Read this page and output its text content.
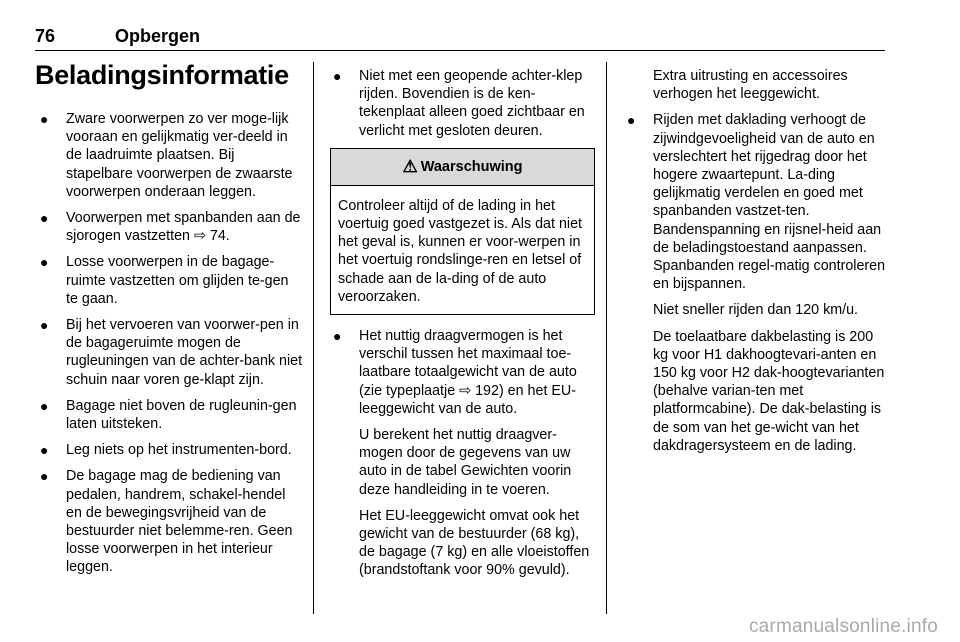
76	Opbergen
Beladingsinformatie
● Zware voorwerpen zo ver moge-lijk vooraan en gelijkmatig ver-deeld in de laadruimte plaatsen. Bij stapelbare voorwerpen de zwaarste voorwerpen onderaan leggen.
● Voorwerpen met spanbanden aan de sjorogen vastzetten ⇨ 74.
● Losse voorwerpen in de bagage-ruimte vastzetten om glijden te-gen te gaan.
● Bij het vervoeren van voorwer-pen in de bagageruimte mogen de rugleuningen van de achter-bank niet schuin naar voren ge-klapt zijn.
● Bagage niet boven de rugleunin-gen laten uitsteken.
● Leg niets op het instrumenten-bord.
● De bagage mag de bediening van pedalen, handrem, schakel-hendel en de bewegingsvrijheid van de bestuurder niet belemme-ren. Geen losse voorwerpen in het interieur leggen.
● Niet met een geopende achter-klep rijden. Bovendien is de ken-tekenplaat alleen goed zichtbaar en verlicht met gesloten deuren.
⚠ Waarschuwing
Controleer altijd of de lading in het voertuig goed vastgezet is. Als dat niet het geval is, kunnen er voor-werpen in het voertuig rondslinge-ren en letsel of schade aan de la-ding of de auto veroorzaken.
● Het nuttig draagvermogen is het verschil tussen het maximaal toe-laatbare totaalgewicht van de auto (zie typeplaatje ⇨ 192) en het EU-leeggewicht van de auto.

U berekent het nuttig draagver-mogen door de gegevens van uw auto in de tabel Gewichten voorin deze handleiding in te voeren.

Het EU-leeggewicht omvat ook het gewicht van de bestuurder (68 kg), de bagage (7 kg) en alle vloeistoffen (brandstoftank voor 90% gevuld).

Extra uitrusting en accessoires verhogen het leeggewicht.

● Rijden met daklading verhoogt de zijwindgevoeligheid van de auto en verslechtert het rijgedrag door het hogere zwaartepunt. La-ding gelijkmatig verdelen en goed met spanbanden vastzet-ten. Bandenspanning en rijsnel-heid aan de beladingstoestand aanpassen. Spanbanden regel-matig controleren en bijspannen.

Niet sneller rijden dan 120 km/u.

De toelaatbare dakbelasting is 200 kg voor H1 dakhoogtevari-anten en 150 kg voor H2 dak-hoogtevarianten (behalve varian-ten met platformcabine). De dak-belasting is de som van het ge-wicht van het dakdragersysteem en de lading.

carmanualsonline.info
